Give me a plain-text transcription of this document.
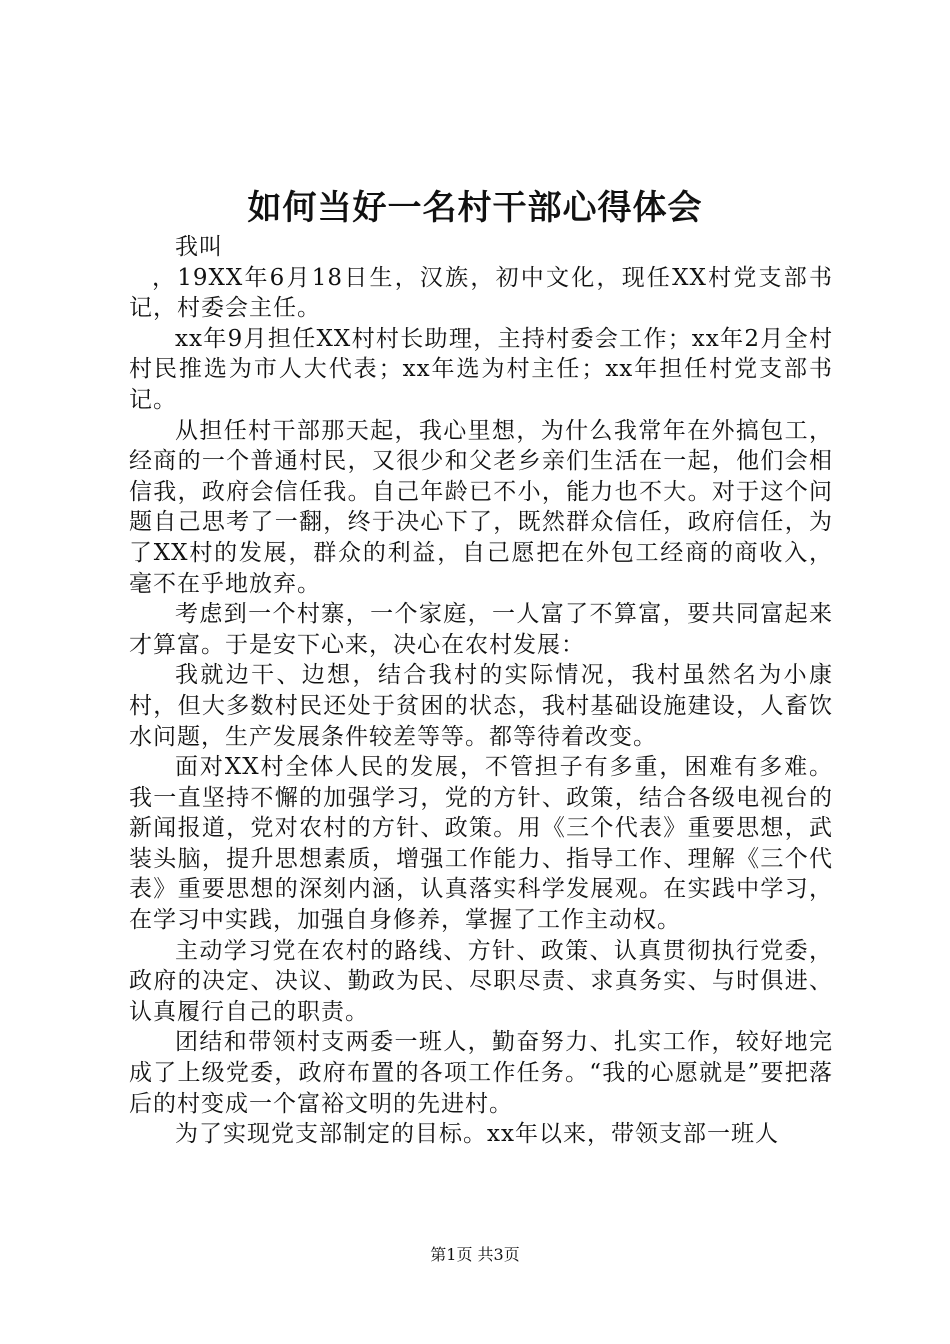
如何当好一名村干部心得体会

我叫

，19XX年6月18日生，汉族，初中文化，现任XX村党支部书记，村委会主任。

xx年9月担任XX村村长助理，主持村委会工作；xx年2月全村村民推选为市人大代表；xx年选为村主任；xx年担任村党支部书记。

从担任村干部那天起，我心里想，为什么我常年在外搞包工，经商的一个普通村民，又很少和父老乡亲们生活在一起，他们会相信我，政府会信任我。自己年龄已不小，能力也不大。对于这个问题自己思考了一翻，终于决心下了，既然群众信任，政府信任，为了XX村的发展，群众的利益，自己愿把在外包工经商的商收入，毫不在乎地放弃。

考虑到一个村寨，一个家庭，一人富了不算富，要共同富起来才算富。于是安下心来，决心在农村发展：

我就边干、边想，结合我村的实际情况，我村虽然名为小康村，但大多数村民还处于贫困的状态，我村基础设施建设，人畜饮水问题，生产发展条件较差等等。都等待着改变。

面对XX村全体人民的发展，不管担子有多重，困难有多难。我一直坚持不懈的加强学习，党的方针、政策，结合各级电视台的新闻报道，党对农村的方针、政策。用《三个代表》重要思想，武装头脑，提升思想素质，增强工作能力、指导工作、理解《三个代表》重要思想的深刻内涵，认真落实科学发展观。在实践中学习，在学习中实践，加强自身修养，掌握了工作主动权。

主动学习党在农村的路线、方针、政策、认真贯彻执行党委，政府的决定、决议、勤政为民、尽职尽责、求真务实、与时俱进、认真履行自己的职责。

团结和带领村支两委一班人，勤奋努力、扎实工作，较好地完成了上级党委，政府布置的各项工作任务。“我的心愿就是”要把落后的村变成一个富裕文明的先进村。

为了实现党支部制定的目标。xx年以来，带领支部一班人

第1页 共3页
